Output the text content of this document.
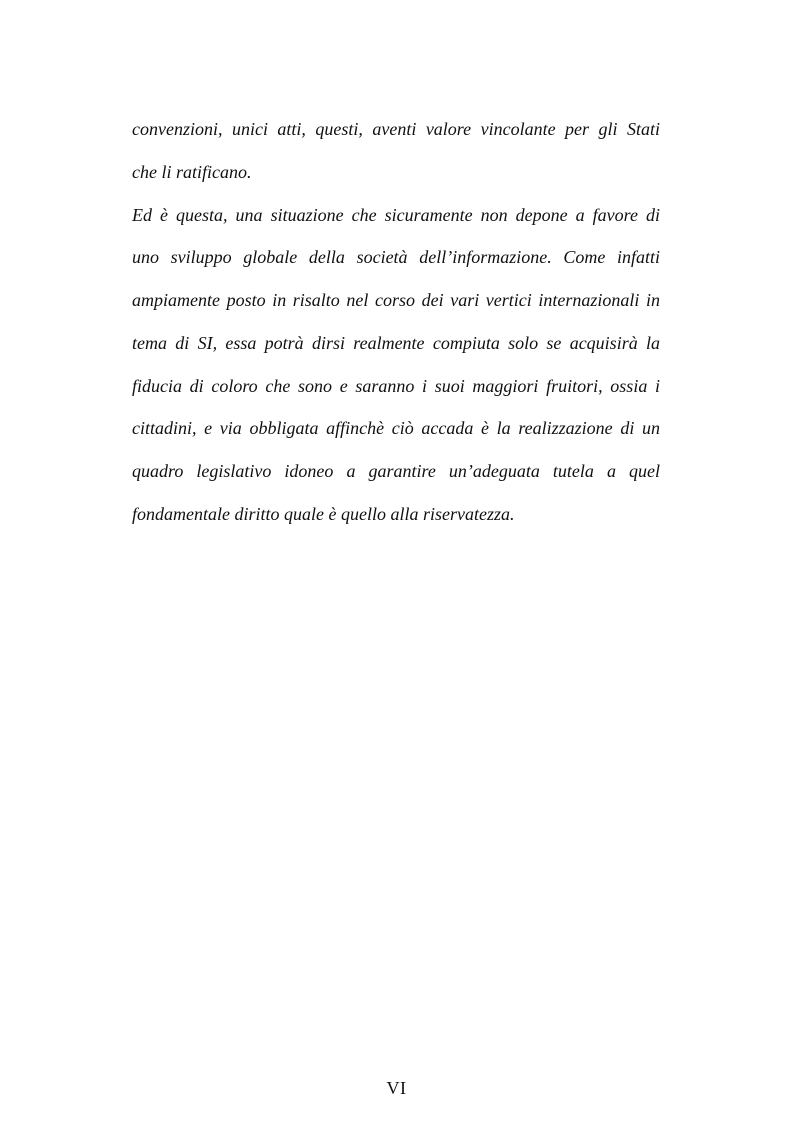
convenzioni, unici atti, questi, aventi valore vincolante per gli Stati
che li ratificano.
Ed è questa, una situazione che sicuramente non depone a favore di
uno sviluppo globale della società dell’informazione. Come infatti
ampiamente posto in risalto nel corso dei vari vertici internazionali in
tema di SI, essa potrà dirsi realmente compiuta solo se acquisirà la
fiducia di coloro che sono e saranno i suoi maggiori fruitori, ossia i
cittadini, e via obbligata affinchè ciò accada è la realizzazione di un
quadro legislativo idoneo a garantire un’adeguata tutela a quel
fondamentale diritto quale è quello alla riservatezza.
VI
